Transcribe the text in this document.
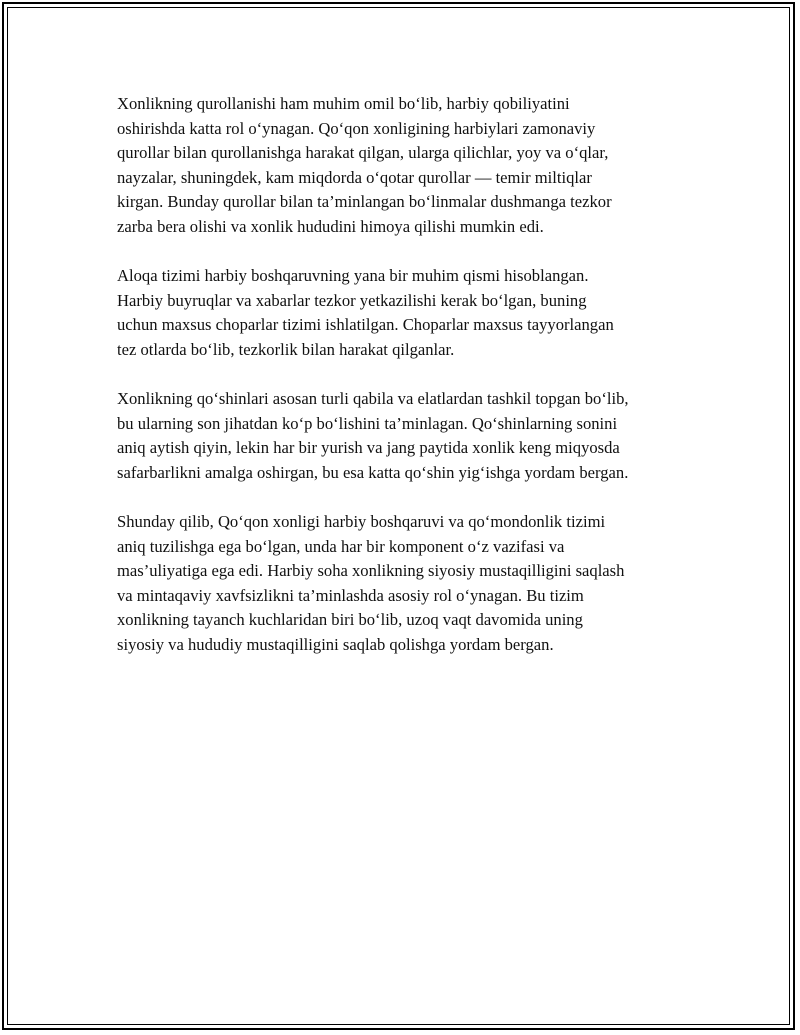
Xonlikning qurollanishi ham muhim omil bo‘lib, harbiy qobiliyatini
oshirishda katta rol o‘ynagan. Qo‘qon xonligining harbiylari zamonaviy
qurollar bilan qurollanishga harakat qilgan, ularga qilichlar, yoy va o‘qlar,
nayzalar, shuningdek, kam miqdorda o‘qotar qurollar — temir miltiqlar
kirgan. Bunday qurollar bilan ta’minlangan bo‘linmalar dushmanga tezkor
zarba bera olishi va xonlik hududini himoya qilishi mumkin edi.

Aloqa tizimi harbiy boshqaruvning yana bir muhim qismi hisoblangan.
Harbiy buyruqlar va xabarlar tezkor yetkazilishi kerak bo‘lgan, buning
uchun maxsus choparlar tizimi ishlatilgan. Choparlar maxsus tayyorlangan
tez otlarda bo‘lib, tezkorlik bilan harakat qilganlar.

Xonlikning qo‘shinlari asosan turli qabila va elatlardan tashkil topgan bo‘lib,
bu ularning son jihatdan ko‘p bo‘lishini ta’minlagan. Qo‘shinlarning sonini
aniq aytish qiyin, lekin har bir yurish va jang paytida xonlik keng miqyosda
safarbarlikni amalga oshirgan, bu esa katta qo‘shin yig‘ishga yordam bergan.

Shunday qilib, Qo‘qon xonligi harbiy boshqaruvi va qo‘mondonlik tizimi
aniq tuzilishga ega bo‘lgan, unda har bir komponent o‘z vazifasi va
mas’uliyatiga ega edi. Harbiy soha xonlikning siyosiy mustaqilligini saqlash
va mintaqaviy xavfsizlikni ta’minlashda asosiy rol o‘ynagan. Bu tizim
xonlikning tayanch kuchlaridan biri bo‘lib, uzoq vaqt davomida uning
siyosiy va hududiy mustaqilligini saqlab qolishga yordam bergan.
